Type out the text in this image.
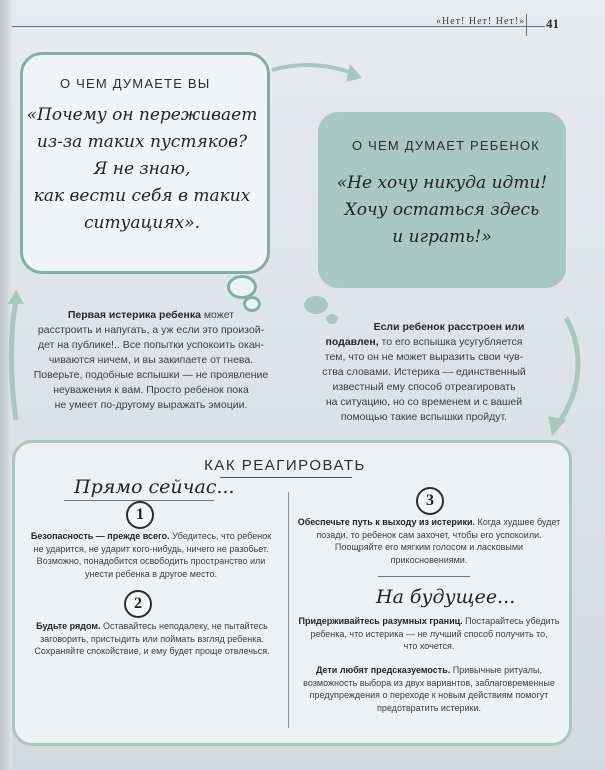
«Нет! Нет! Нет!» 41
О ЧЕМ ДУМАЕТЕ ВЫ
«Почему он переживает
из-за таких пустяков?
Я не знаю,
как вести себя в таких
ситуациях».
О ЧЕМ ДУМАЕТ РЕБЕНОК
«Не хочу никуда идти!
Хочу остаться здесь
и играть!»
Первая истерика ребенка может
расстроить и напугать, а уж если это произой-
дет на публике!.. Все попытки успокоить окан-
чиваются ничем, и вы закипаете от гнева.
Поверьте, подобные вспышки — не проявление
неуважения к вам. Просто ребенок пока
не умеет по-другому выражать эмоции.
Если ребенок расстроен или
подавлен, то его вспышка усугубляется
тем, что он не может выразить свои чув-
ства словами. Истерика — единственный
известный ему способ отреагировать
на ситуацию, но со временем и с вашей
помощью такие вспышки пройдут.
КАК РЕАГИРОВАТЬ
Прямо сейчас...
1
Безопасность — прежде всего. Убедитесь, что ребенок
не ударится, не ударит кого-нибудь, ничего не разобьет.
Возможно, понадобится освободить пространство или
унести ребенка в другое место.
2
Будьте рядом. Оставайтесь неподалеку, не пытайтесь
заговорить, пристыдить или поймать взгляд ребенка.
Сохраняйте спокойствие, и ему будет проще отвлечься.
3
Обеспечьте путь к выходу из истерики. Когда худшее будет
позади, то ребенок сам захочет, чтобы его успокоили.
Поощряйте его мягким голосом и ласковыми
прикосновениями.
На будущее...
Придерживайтесь разумных границ. Постарайтесь убедить
ребенка, что истерика — не лучший способ получить то,
что хочется.
Дети любят предсказуемость. Привычные ритуалы,
возможность выбора из двух вариантов, заблаговременные
предупреждения о переходе к новым действиям помогут
предотвратить истерики.
